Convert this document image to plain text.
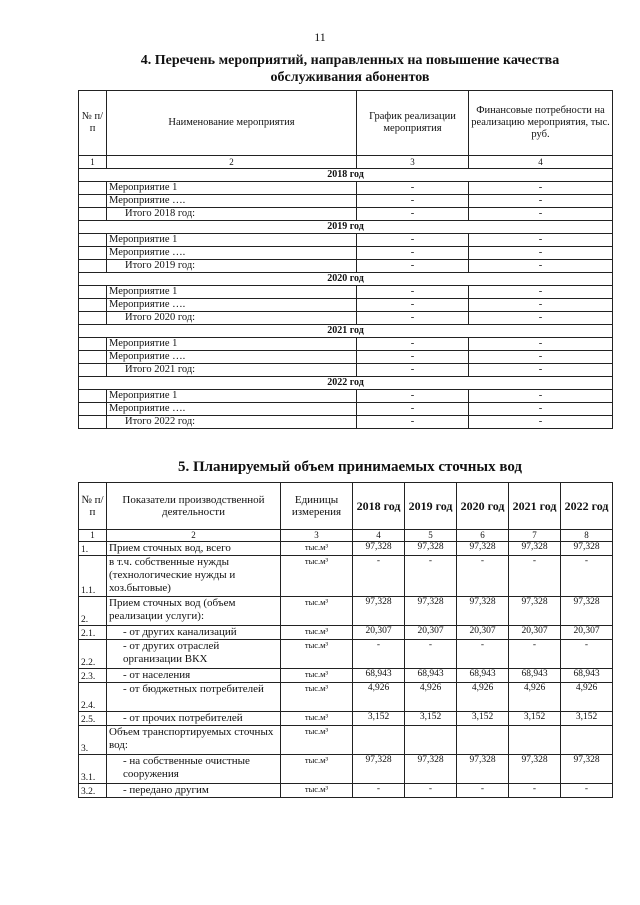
11
4. Перечень мероприятий, направленных на повышение качества
обслуживания абонентов
№ п/п	Наименование мероприятия	График реализации мероприятия	Финансовые потребности на реализацию мероприятия, тыс. руб.
1	2	3	4
2018 год			
	Мероприятие 1	-	-
	Мероприятие ….	-	-
	Итого 2018 год:	-	-
2019 год			
	Мероприятие 1	-	-
	Мероприятие ….	-	-
	Итого 2019 год:	-	-
2020 год			
	Мероприятие 1	-	-
	Мероприятие ….	-	-
	Итого 2020 год:	-	-
2021 год			
	Мероприятие 1	-	-
	Мероприятие ….	-	-
	Итого 2021 год:	-	-
2022 год			
	Мероприятие 1	-	-
	Мероприятие ….	-	-
	Итого 2022 год:	-	-
5. Планируемый объем принимаемых сточных вод
№ п/п	Показатели производственной деятельности	Единицы измерения	2018 год	2019 год	2020 год	2021 год	2022 год
1	2	3	4	5	6	7	8
1.	Прием сточных вод, всего	тыс.м³	97,328	97,328	97,328	97,328	97,328
1.1.	в т.ч. собственные нужды (технологические нужды и хоз.бытовые)	тыс.м³	-	-	-	-	-
2.	Прием сточных вод (объем реализации услуги):	тыс.м³	97,328	97,328	97,328	97,328	97,328
2.1.	- от других канализаций	тыс.м³	20,307	20,307	20,307	20,307	20,307
2.2.	- от других отраслей организации ВКХ	тыс.м³	-	-	-	-	-
2.3.	- от населения	тыс.м³	68,943	68,943	68,943	68,943	68,943
2.4.	- от бюджетных потребителей	тыс.м³	4,926	4,926	4,926	4,926	4,926
2.5.	- от прочих потребителей	тыс.м³	3,152	3,152	3,152	3,152	3,152
3.	Объем транспортируемых сточных вод:	тыс.м³					
3.1.	- на собственные очистные сооружения	тыс.м³	97,328	97,328	97,328	97,328	97,328
3.2.	- передано другим	тыс.м³	-	-	-	-	-
